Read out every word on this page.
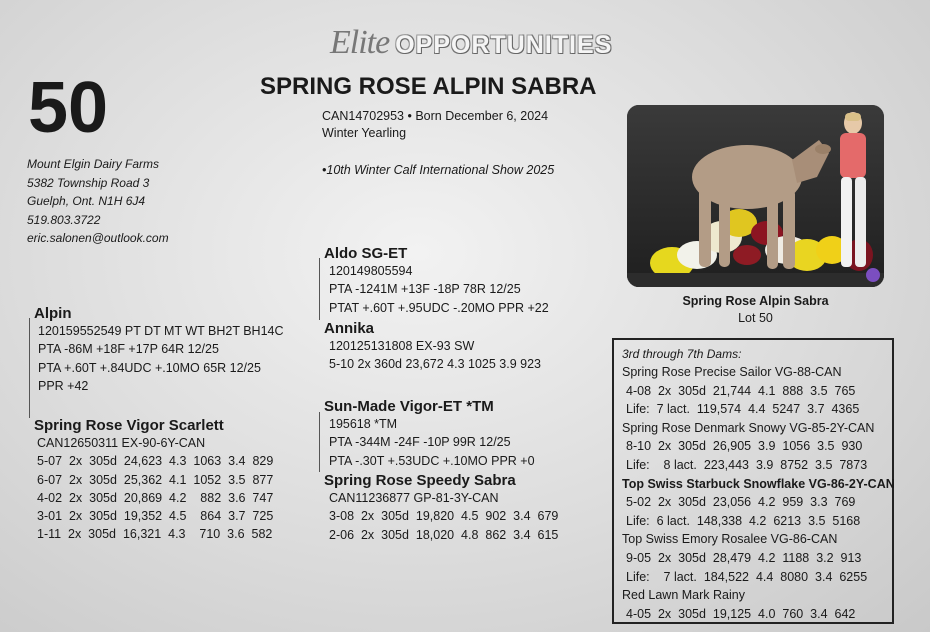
Elite OPPORTUNITIES
50	SPRING ROSE ALPIN SABRA
Mount Elgin Dairy Farms
5382 Township Road 3
Guelph, Ont. N1H 6J4
519.803.3722
eric.salonen@outlook.com
CAN14702953 • Born December 6, 2024
Winter Yearling
•10th Winter Calf International Show 2025
Spring Rose Alpin Sabra
Lot 50
Alpin
120159552549 PT DT MT WT BH2T BH14C
PTA -86M +18F +17P 64R 12/25
PTA +.60T +.84UDC +.10MO 65R 12/25
PPR +42
Spring Rose Vigor Scarlett
CAN12650311 EX-90-6Y-CAN
5-07  2x  305d  24,623  4.3  1063  3.4  829
6-07  2x  305d  25,362  4.1  1052  3.5  877
4-02  2x  305d  20,869  4.2    882  3.6  747
3-01  2x  305d  19,352  4.5    864  3.7  725
1-11  2x  305d  16,321  4.3    710  3.6  582
Aldo SG-ET
120149805594
PTA -1241M +13F -18P 78R 12/25
PTAT +.60T +.95UDC -.20MO PPR +22
Annika
120125131808 EX-93 SW
5-10 2x 360d 23,672 4.3 1025 3.9 923
Sun-Made Vigor-ET *TM
195618 *TM
PTA -344M -24F -10P 99R 12/25
PTA -.30T +.53UDC +.10MO PPR +0
Spring Rose Speedy Sabra
CAN11236877 GP-81-3Y-CAN
3-08  2x  305d  19,820  4.5  902  3.4  679
2-06  2x  305d  18,020  4.8  862  3.4  615
3rd through 7th Dams:
Spring Rose Precise Sailor VG-88-CAN
4-08  2x  305d  21,744  4.1  888  3.5  765
Life:  7 lact.  119,574  4.4  5247  3.7  4365
Spring Rose Denmark Snowy VG-85-2Y-CAN
8-10  2x  305d  26,905  3.9  1056  3.5  930
Life:    8 lact.  223,443  3.9  8752  3.5  7873
Top Swiss Starbuck Snowflake VG-86-2Y-CAN
5-02  2x  305d  23,056  4.2  959  3.3  769
Life:  6 lact.  148,338  4.2  6213  3.5  5168
Top Swiss Emory Rosalee VG-86-CAN
9-05  2x  305d  28,479  4.2  1188  3.2  913
Life:    7 lact.  184,522  4.4  8080  3.4  6255
Red Lawn Mark Rainy
4-05  2x  305d  19,125  4.0  760  3.4  642
